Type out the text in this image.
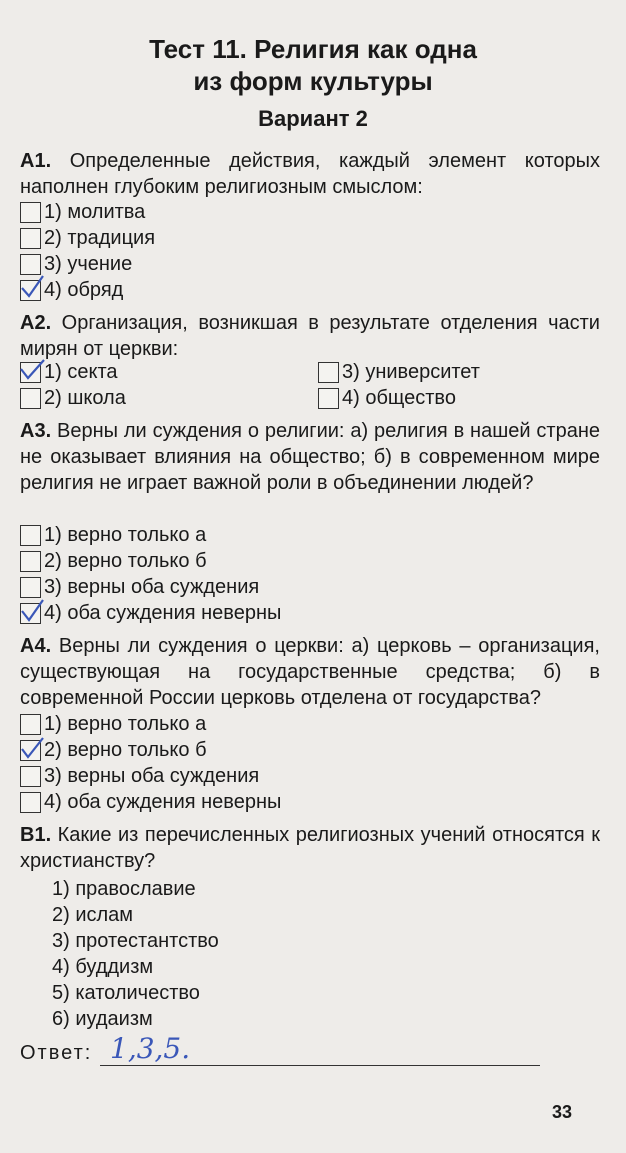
Тест 11. Религия как одна
из форм культуры
Вариант 2
А1. Определенные действия, каждый элемент которых наполнен глубоким религиозным смыслом:
1) молитва
2) традиция
3) учение
4) обряд
А2. Организация, возникшая в результате отделения части мирян от церкви:
1) секта
2) школа
3) университет
4) общество
А3. Верны ли суждения о религии: а) религия в нашей стране не оказывает влияния на общество; б) в современном мире религия не играет важной роли в объединении людей?
1) верно только а
2) верно только б
3) верны оба суждения
4) оба суждения неверны
А4. Верны ли суждения о церкви: а) церковь – организация, существующая на государственные средства; б) в современной России церковь отделена от государства?
1) верно только а
2) верно только б
3) верны оба суждения
4) оба суждения неверны
В1. Какие из перечисленных религиозных учений относятся к христианству?
1) православие
2) ислам
3) протестантство
4) буддизм
5) католичество
6) иудаизм
Ответ: 1,3,5.
33
